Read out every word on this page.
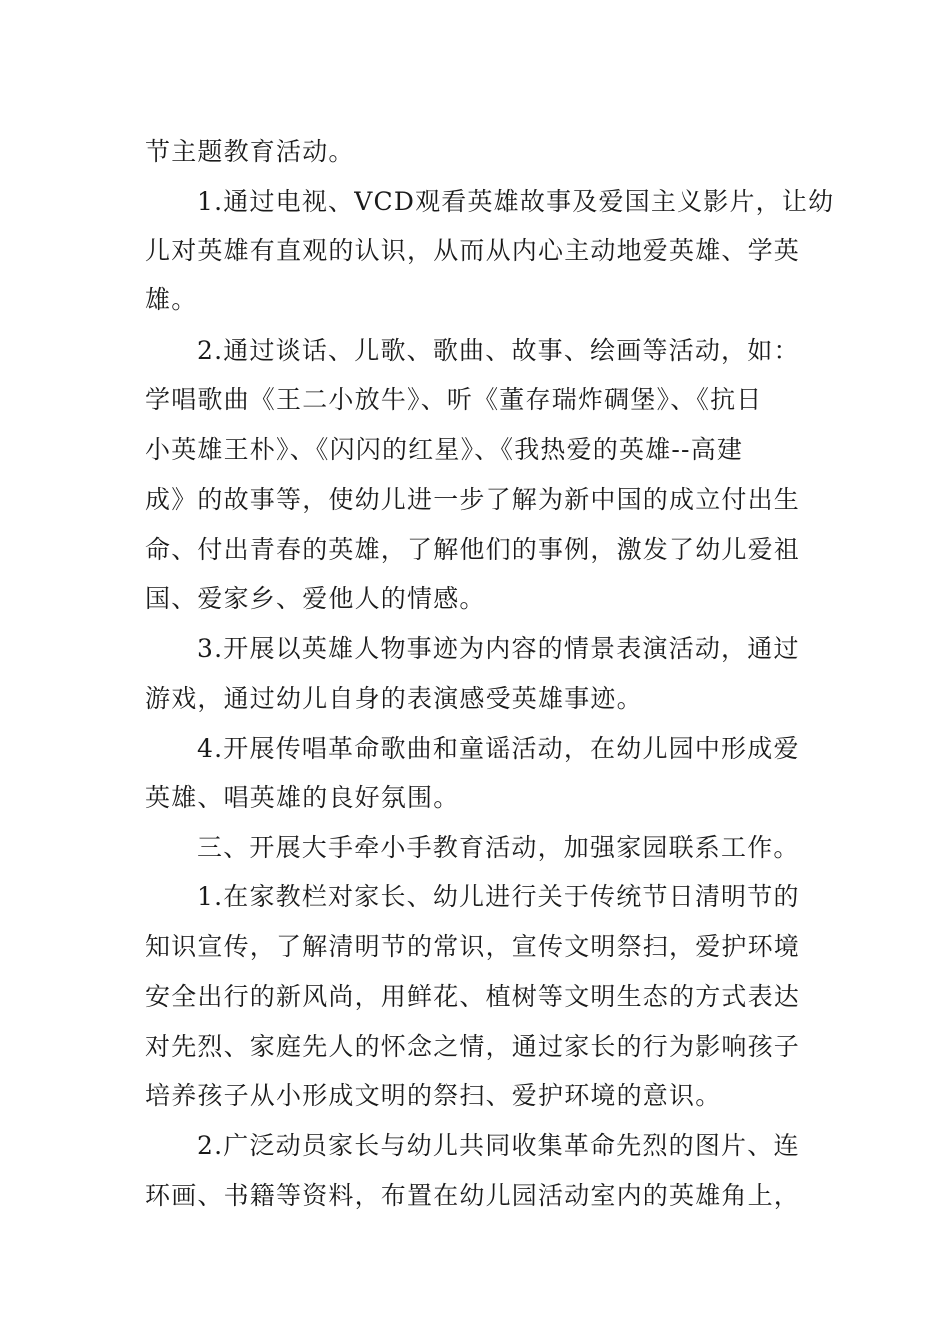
节主题教育活动。
1.通过电视、VCD观看英雄故事及爱国主义影片，让幼
儿对英雄有直观的认识，从而从内心主动地爱英雄、学英
雄。
2.通过谈话、儿歌、歌曲、故事、绘画等活动，如：
学唱歌曲《王二小放牛》、听《董存瑞炸碉堡》、《抗日
小英雄王朴》、《闪闪的红星》、《我热爱的英雄--高建
成》的故事等，使幼儿进一步了解为新中国的成立付出生
命、付出青春的英雄，了解他们的事例，激发了幼儿爱祖
国、爱家乡、爱他人的情感。
3.开展以英雄人物事迹为内容的情景表演活动，通过
游戏，通过幼儿自身的表演感受英雄事迹。
4.开展传唱革命歌曲和童谣活动，在幼儿园中形成爱
英雄、唱英雄的良好氛围。
三、开展大手牵小手教育活动，加强家园联系工作。
1.在家教栏对家长、幼儿进行关于传统节日清明节的
知识宣传，了解清明节的常识，宣传文明祭扫，爱护环境
安全出行的新风尚，用鲜花、植树等文明生态的方式表达
对先烈、家庭先人的怀念之情，通过家长的行为影响孩子
培养孩子从小形成文明的祭扫、爱护环境的意识。
2.广泛动员家长与幼儿共同收集革命先烈的图片、连
环画、书籍等资料，布置在幼儿园活动室内的英雄角上，
